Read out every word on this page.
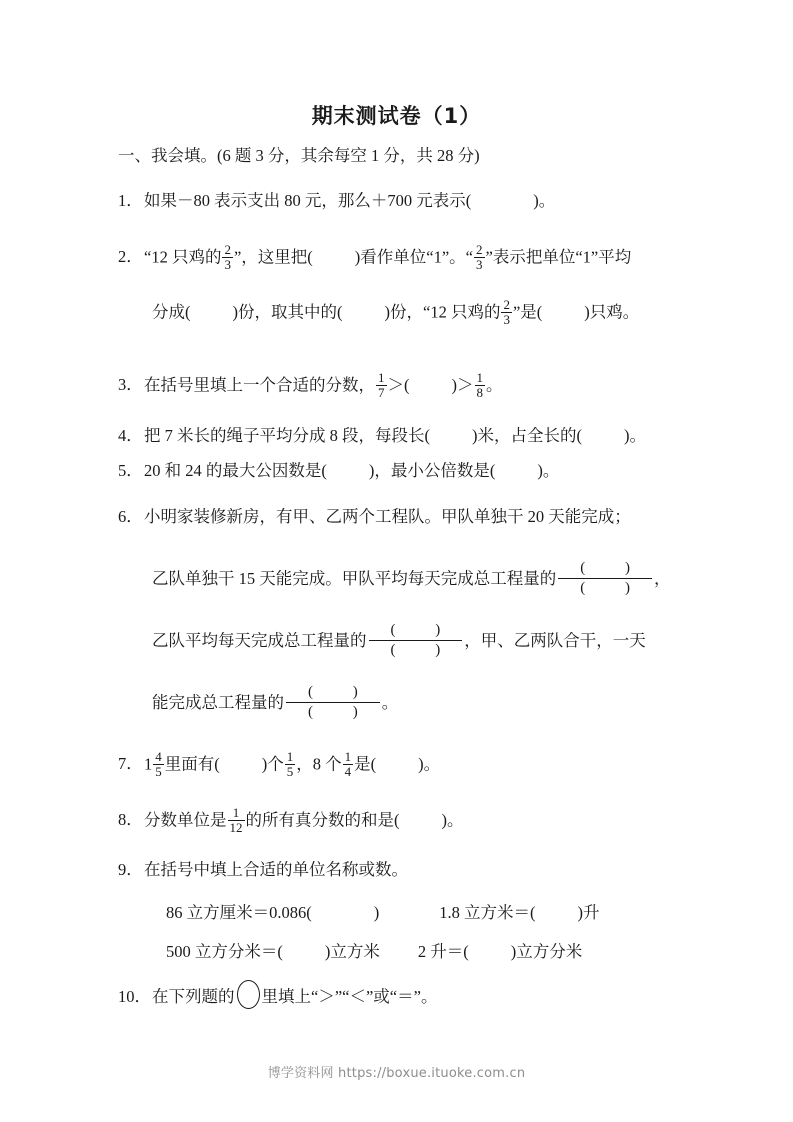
期末测试卷（1）
一、我会填。(6 题 3 分，其余每空 1 分，共 28 分)
1．如果－80 表示支出 80 元，那么＋700 元表示(	)。
2．“12 只鸡的 $\frac{2}{3}$ ”，这里把(	)看作单位“1”。“ $\frac{2}{3}$ ”表示把单位“1”平均
分成(	)份，取其中的(	)份，“12 只鸡的 $\frac{2}{3}$ ”是(	)只鸡。
3．在括号里填上一个合适的分数， $\frac{1}{7}$ ＞(	)＞ $\frac{1}{8}$ 。
4．把 7 米长的绳子平均分成 8 段，每段长(	)米，占全长的(	)。
5．20 和 24 的最大公因数是(	)，最小公倍数是(	)。
6．小明家装修新房，有甲、乙两个工程队。甲队单独干 20 天能完成；
乙队单独干 15 天能完成。甲队平均每天完成总工程量的 $\frac{( )}{( )}$ ，
乙队平均每天完成总工程量的 $\frac{( )}{( )}$ ，甲、乙两队合干，一天
能完成总工程量的 $\frac{( )}{( )}$ 。
7．$1 \frac{4}{5}$ 里面有(	)个 $\frac{1}{5}$ ，8 个 $\frac{1}{4}$ 是(	)。
8．分数单位是 $\frac{1}{12}$ 的所有真分数的和是(	)。
9．在括号中填上合适的单位名称或数。
86 立方厘米＝0.086(	)	1.8 立方米＝(	)升
500 立方分米＝(	)立方米 2 升＝(	)立方分米
10．在下列题的 里填上“＞”“＜”或“＝”。
博学资料网 https://boxue.ituoke.com.cn
